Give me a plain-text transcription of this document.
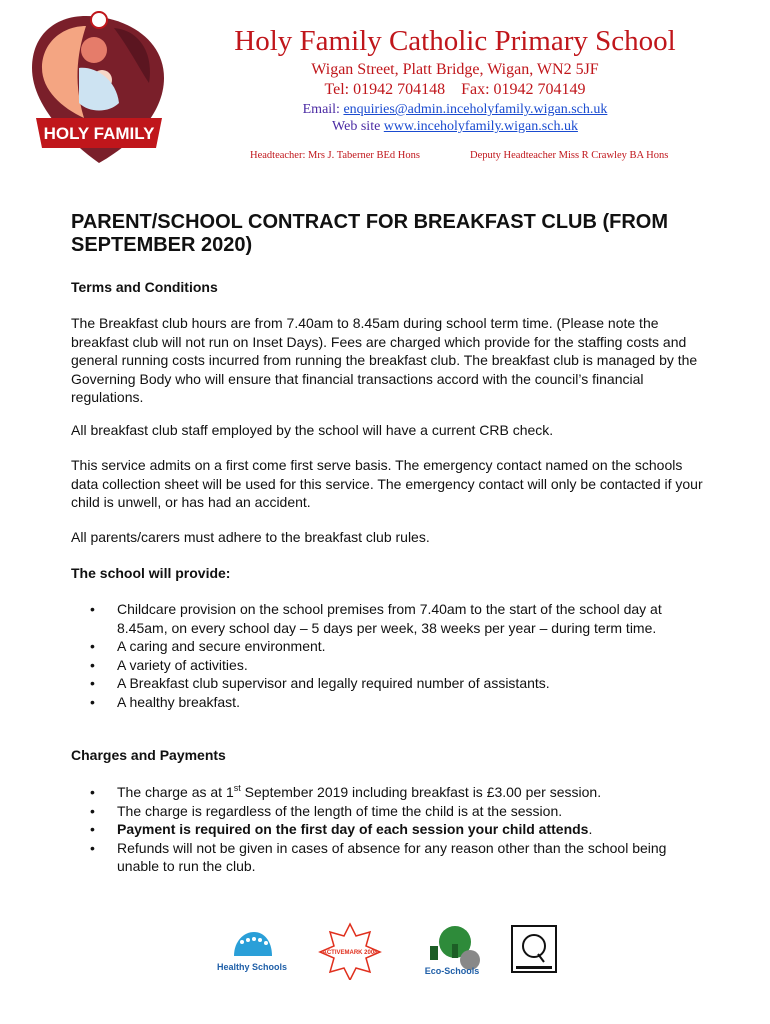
HOLY FAMILY
Holy Family Catholic Primary School
Wigan Street, Platt Bridge, Wigan, WN2 5JF
Tel: 01942 704148 Fax: 01942 704149
Email: enquiries@admin.inceholyfamily.wigan.sch.uk
Web site www.inceholyfamily.wigan.sch.uk
Headteacher: Mrs J. Taberner BEd Hons	Deputy Headteacher Miss R Crawley BA Hons
PARENT/SCHOOL CONTRACT FOR BREAKFAST CLUB (FROM SEPTEMBER 2020)
Terms and Conditions
The Breakfast club hours are from 7.40am to 8.45am during school term time. (Please note the breakfast club will not run on Inset Days). Fees are charged which provide for the staffing costs and general running costs incurred from running the breakfast club. The breakfast club is managed by the Governing Body who will ensure that financial transactions accord with the council’s financial regulations.
All breakfast club staff employed by the school will have a current CRB check.
This service admits on a first come first serve basis. The emergency contact named on the schools data collection sheet will be used for this service. The emergency contact will only be contacted if your child is unwell, or has had an accident.
All parents/carers must adhere to the breakfast club rules.
The school will provide:
• Childcare provision on the school premises from 7.40am to the start of the school day at 8.45am, on every school day – 5 days per week, 38 weeks per year – during term time.
• A caring and secure environment.
• A variety of activities.
• A Breakfast club supervisor and legally required number of assistants.
• A healthy breakfast.
Charges and Payments
• The charge as at 1st September 2019 including breakfast is £3.00 per session.
• The charge is regardless of the length of time the child is at the session.
• Payment is required on the first day of each session your child attends.
• Refunds will not be given in cases of absence for any reason other than the school being unable to run the club.
Healthy Schools
ACTIVEMARK 2008
Eco-Schools
